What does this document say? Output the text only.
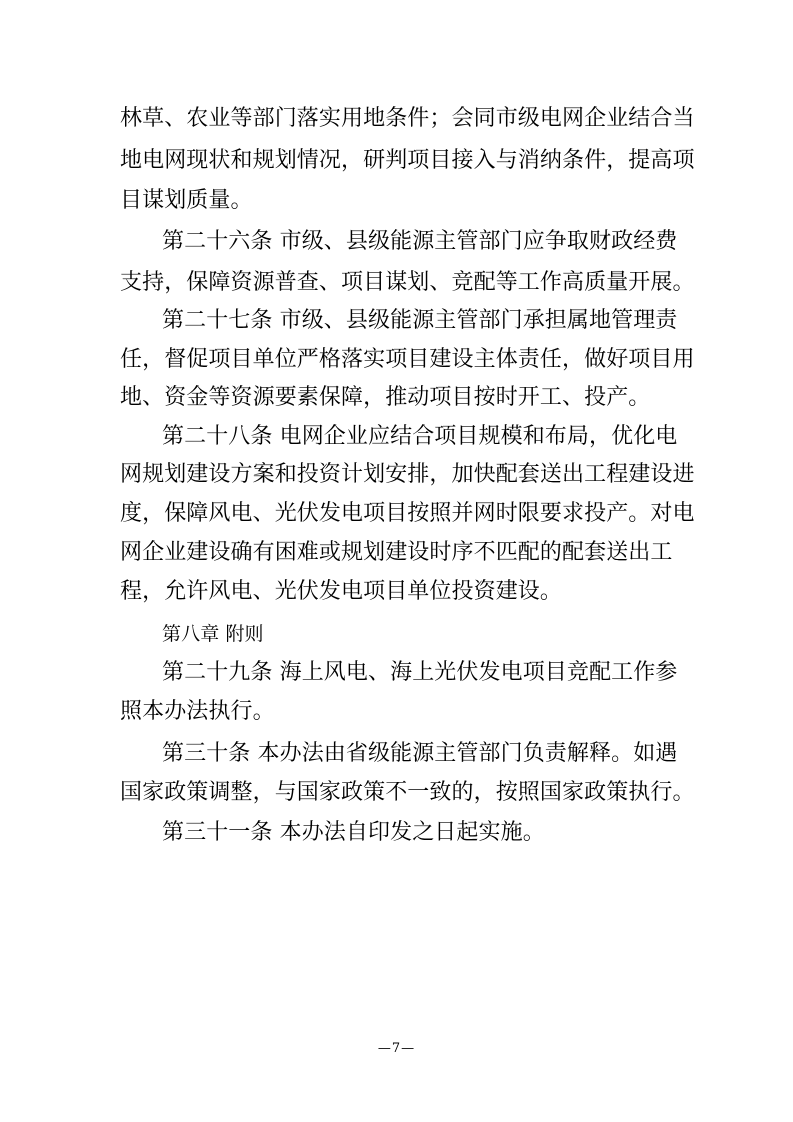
林草、农业等部门落实用地条件；会同市级电网企业结合当
地电网现状和规划情况，研判项目接入与消纳条件，提高项
目谋划质量。
第二十六条 市级、县级能源主管部门应争取财政经费
支持，保障资源普查、项目谋划、竞配等工作高质量开展。
第二十七条 市级、县级能源主管部门承担属地管理责
任，督促项目单位严格落实项目建设主体责任，做好项目用
地、资金等资源要素保障，推动项目按时开工、投产。
第二十八条 电网企业应结合项目规模和布局，优化电
网规划建设方案和投资计划安排，加快配套送出工程建设进
度，保障风电、光伏发电项目按照并网时限要求投产。对电
网企业建设确有困难或规划建设时序不匹配的配套送出工
程，允许风电、光伏发电项目单位投资建设。
第八章 附则
第二十九条 海上风电、海上光伏发电项目竞配工作参
照本办法执行。
第三十条 本办法由省级能源主管部门负责解释。如遇
国家政策调整，与国家政策不一致的，按照国家政策执行。
第三十一条 本办法自印发之日起实施。
—7—
